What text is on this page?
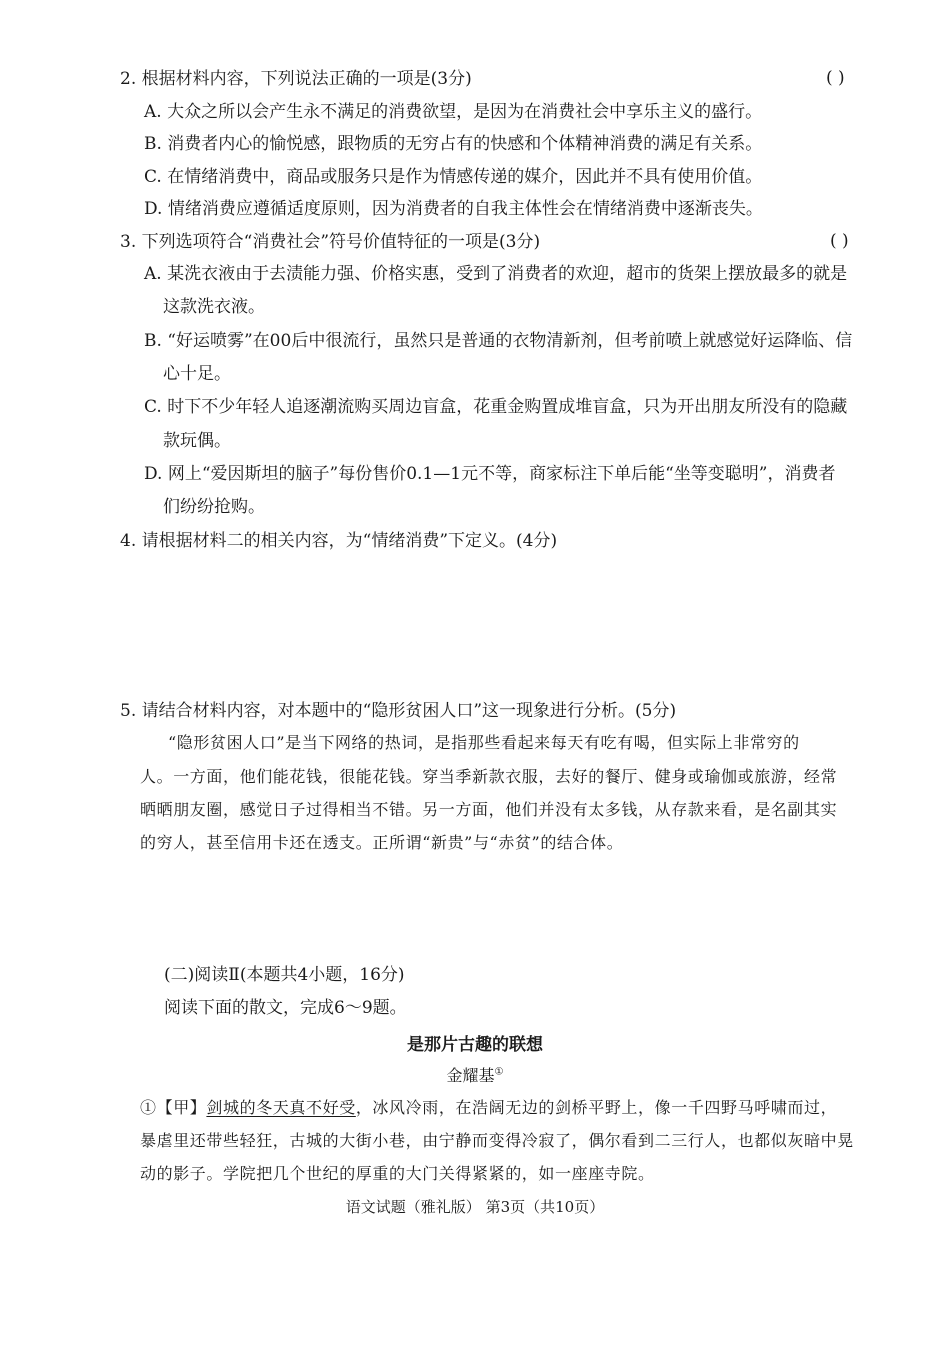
2. 根据材料内容，下列说法正确的一项是(3分)	( )
A. 大众之所以会产生永不满足的消费欲望，是因为在消费社会中享乐主义的盛行。
B. 消费者内心的愉悦感，跟物质的无穷占有的快感和个体精神消费的满足有关系。
C. 在情绪消费中，商品或服务只是作为情感传递的媒介，因此并不具有使用价值。
D. 情绪消费应遵循适度原则，因为消费者的自我主体性会在情绪消费中逐渐丧失。
3. 下列选项符合“消费社会”符号价值特征的一项是(3分)	( )
A. 某洗衣液由于去渍能力强、价格实惠，受到了消费者的欢迎，超市的货架上摆放最多的就是
这款洗衣液。
B. “好运喷雾”在00后中很流行，虽然只是普通的衣物清新剂，但考前喷上就感觉好运降临、信
心十足。
C. 时下不少年轻人追逐潮流购买周边盲盒，花重金购置成堆盲盒，只为开出朋友所没有的隐藏
款玩偶。
D. 网上“爱因斯坦的脑子”每份售价0.1—1元不等，商家标注下单后能“坐等变聪明”，消费者
们纷纷抢购。
4. 请根据材料二的相关内容，为“情绪消费”下定义。(4分)
5. 请结合材料内容，对本题中的“隐形贫困人口”这一现象进行分析。(5分)
“隐形贫困人口”是当下网络的热词，是指那些看起来每天有吃有喝，但实际上非常穷的
人。一方面，他们能花钱，很能花钱。穿当季新款衣服，去好的餐厅、健身或瑜伽或旅游，经常
晒晒朋友圈，感觉日子过得相当不错。另一方面，他们并没有太多钱，从存款来看，是名副其实
的穷人，甚至信用卡还在透支。正所谓“新贵”与“赤贫”的结合体。
(二)阅读Ⅱ(本题共4小题，16分)
阅读下面的散文，完成6～9题。
是那片古趣的联想
金耀基①
①【甲】剑城的冬天真不好受，冰风冷雨，在浩阔无边的剑桥平野上，像一千四野马呼啸而过，
暴虐里还带些轻狂，古城的大街小巷，由宁静而变得冷寂了，偶尔看到二三行人，也都似灰暗中晃
动的影子。学院把几个世纪的厚重的大门关得紧紧的，如一座座寺院。
语文试题（雅礼版） 第3页（共10页）
